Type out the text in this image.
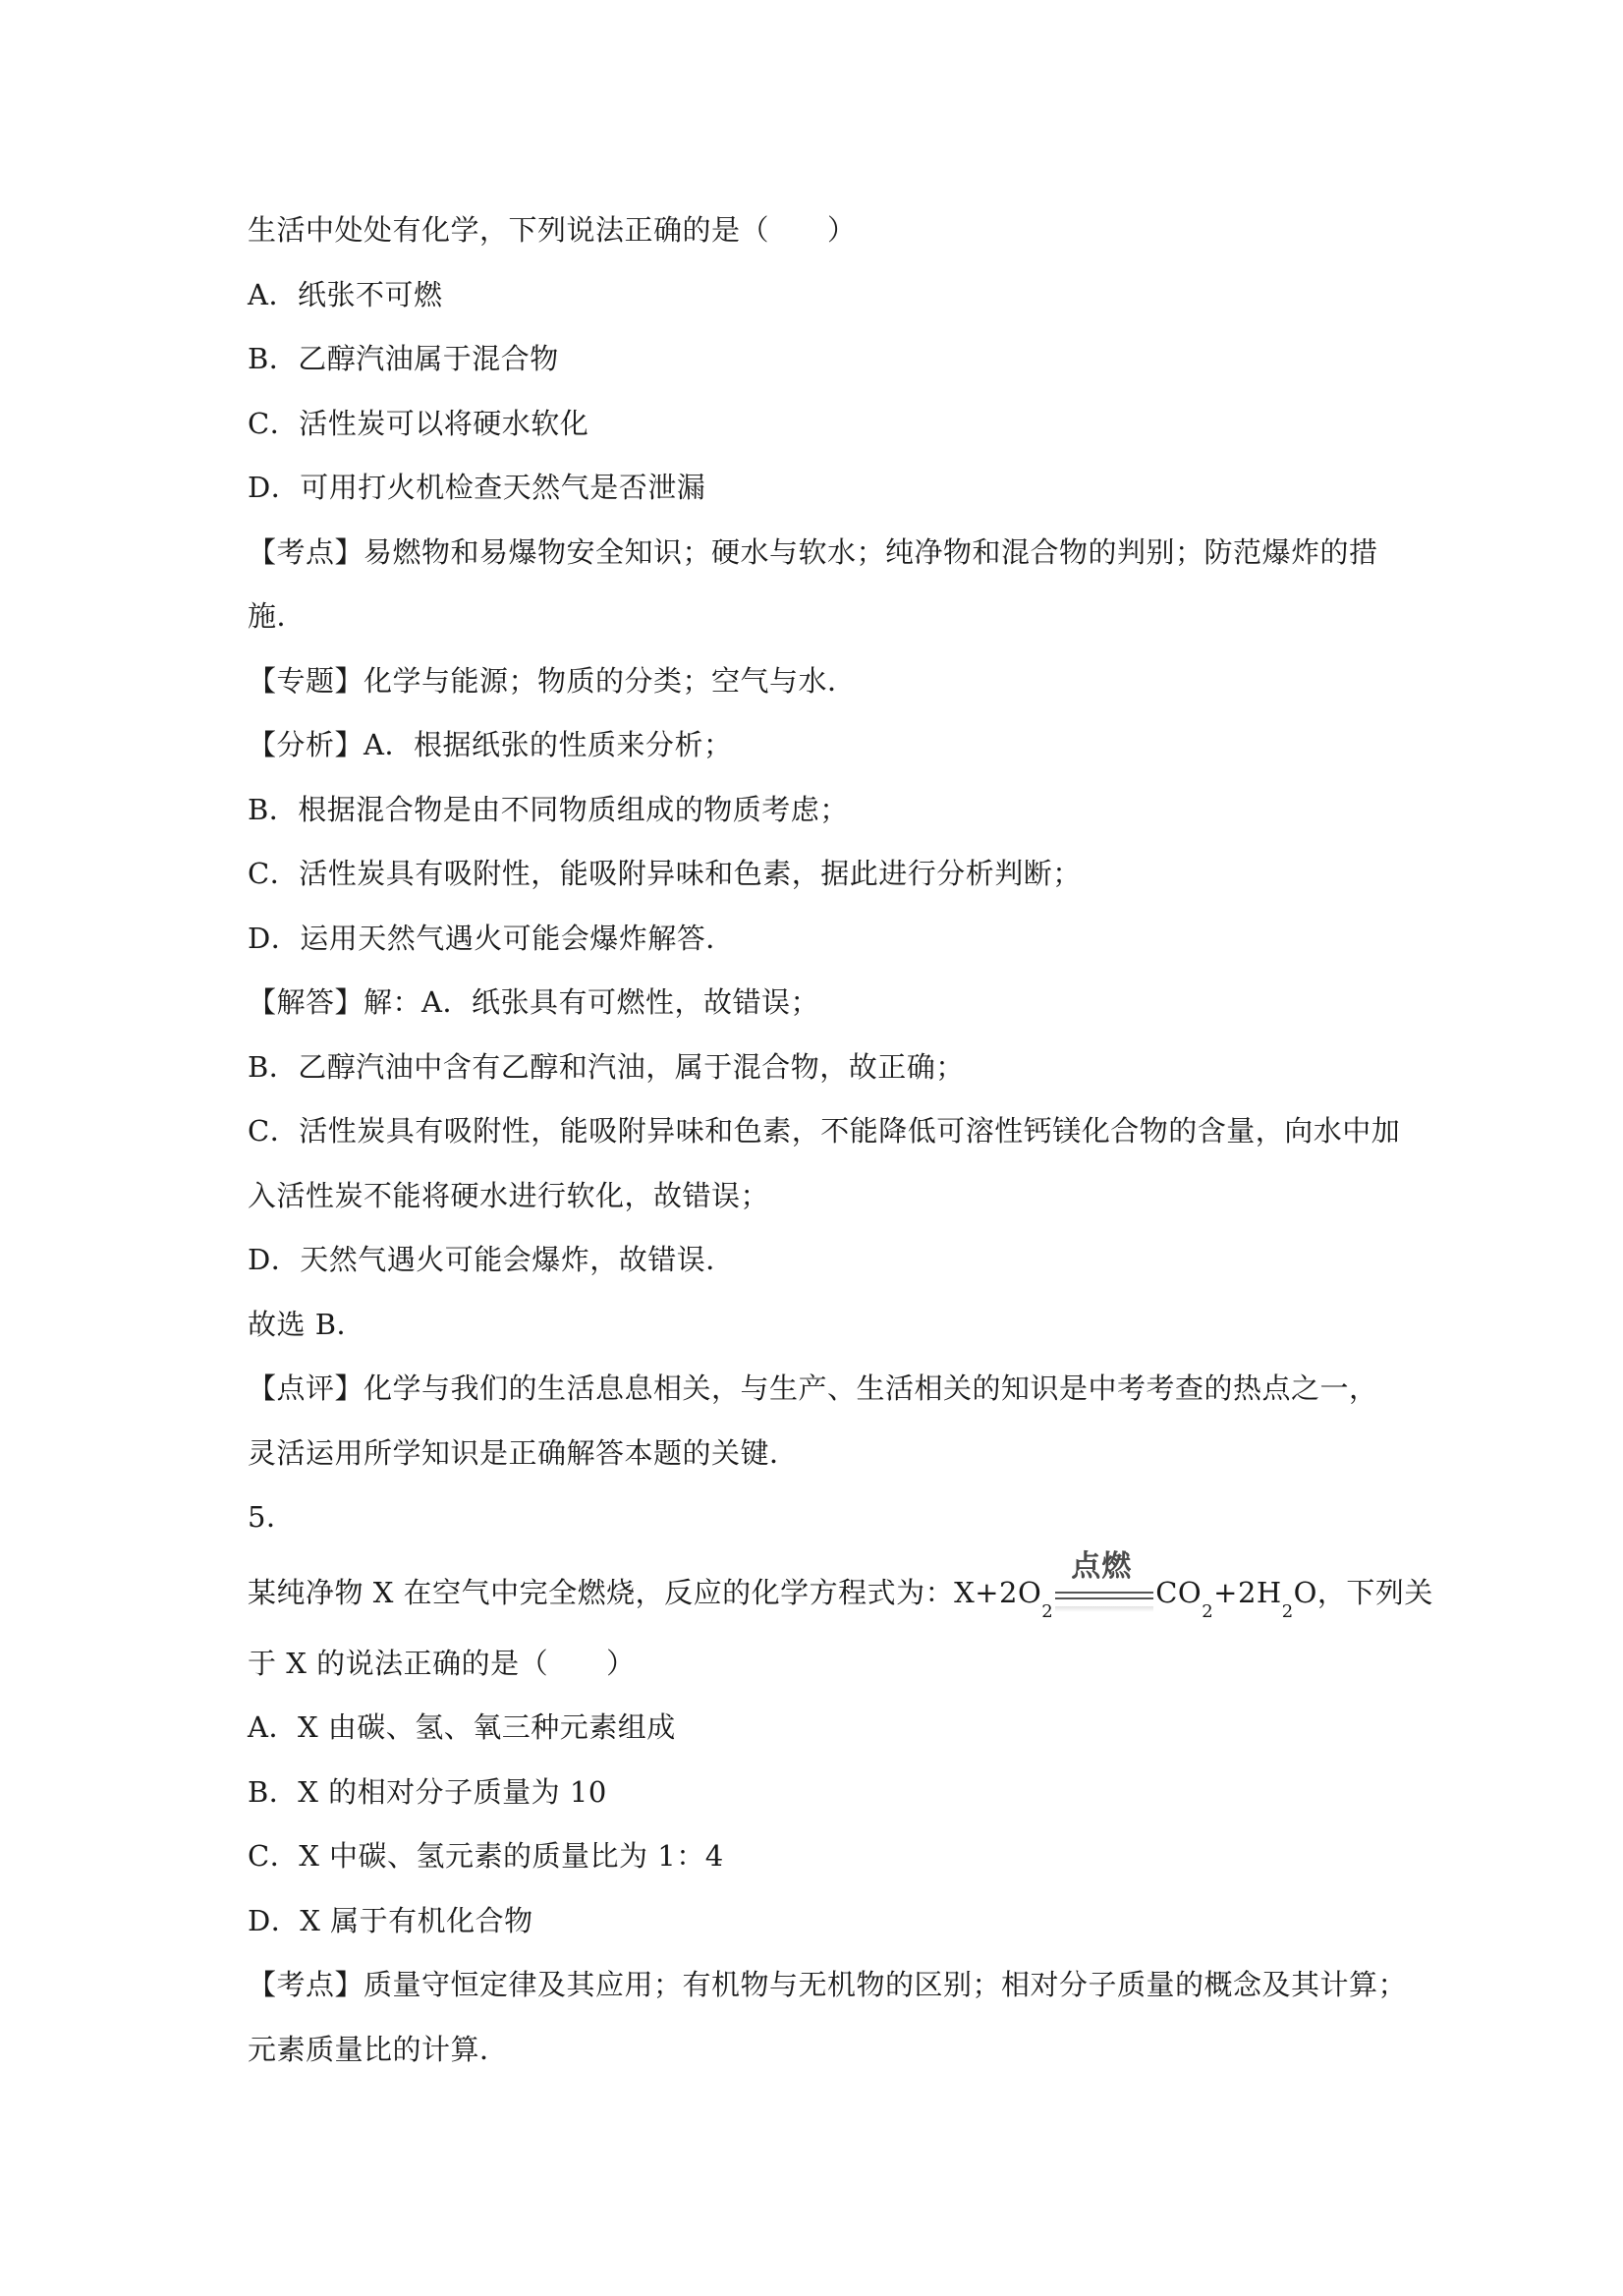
生活中处处有化学，下列说法正确的是（　　）
A．纸张不可燃
B．乙醇汽油属于混合物
C．活性炭可以将硬水软化
D．可用打火机检查天然气是否泄漏
【考点】易燃物和易爆物安全知识；硬水与软水；纯净物和混合物的判别；防范爆炸的措
施．
【专题】化学与能源；物质的分类；空气与水．
【分析】A．根据纸张的性质来分析；
B．根据混合物是由不同物质组成的物质考虑；
C．活性炭具有吸附性，能吸附异味和色素，据此进行分析判断；
D．运用天然气遇火可能会爆炸解答．
【解答】解：A．纸张具有可燃性，故错误；
B．乙醇汽油中含有乙醇和汽油，属于混合物，故正确；
C．活性炭具有吸附性，能吸附异味和色素，不能降低可溶性钙镁化合物的含量，向水中加
入活性炭不能将硬水进行软化，故错误；
D．天然气遇火可能会爆炸，故错误．
故选 B．
【点评】化学与我们的生活息息相关，与生产、生活相关的知识是中考考查的热点之一，
灵活运用所学知识是正确解答本题的关键．
5．
某纯净物 X 在空气中完全燃烧，反应的化学方程式为：X+2O
2
点燃
CO
2
+2H
2
O，下列关
于 X 的说法正确的是（　　）
A．X 由碳、氢、氧三种元素组成
B．X 的相对分子质量为 10
C．X 中碳、氢元素的质量比为 1：4
D．X 属于有机化合物
【考点】质量守恒定律及其应用；有机物与无机物的区别；相对分子质量的概念及其计算；
元素质量比的计算．
